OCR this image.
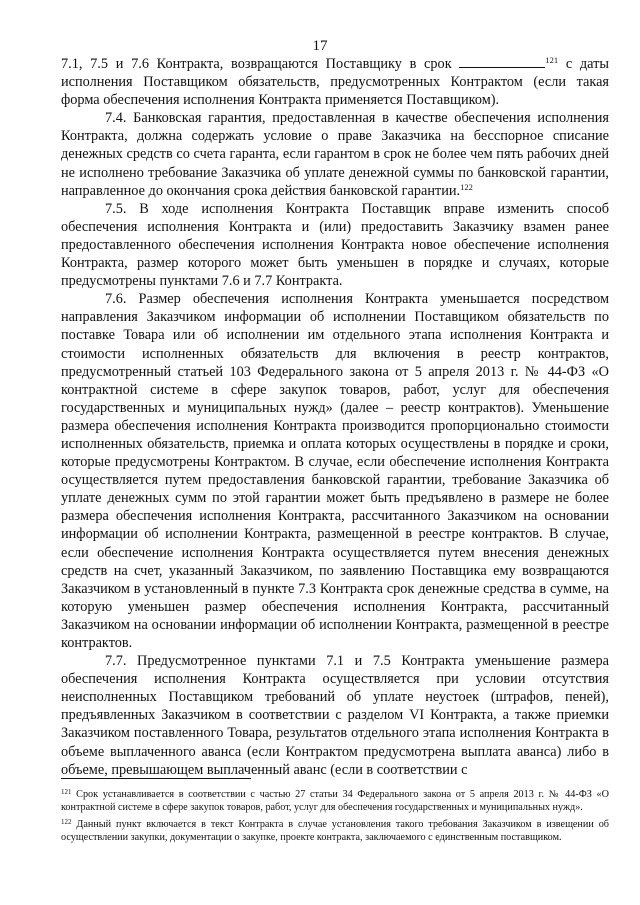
17

7.1, 7.5 и 7.6 Контракта, возвращаются Поставщику в срок	$^{121}$ с даты исполнения Поставщиком обязательств, предусмотренных Контрактом (если такая форма обеспечения исполнения Контракта применяется Поставщиком).

7.4. Банковская гарантия, предоставленная в качестве обеспечения исполнения Контракта, должна содержать условие о праве Заказчика на бесспорное списание денежных средств со счета гаранта, если гарантом в срок не более чем пять рабочих дней не исполнено требование Заказчика об уплате денежной суммы по банковской гарантии, направленное до окончания срока действия банковской гарантии.$^{122}$

7.5. В ходе исполнения Контракта Поставщик вправе изменить способ обеспечения исполнения Контракта и (или) предоставить Заказчику взамен ранее предоставленного обеспечения исполнения Контракта новое обеспечение исполнения Контракта, размер которого может быть уменьшен в порядке и случаях, которые предусмотрены пунктами 7.6 и 7.7 Контракта.

7.6. Размер обеспечения исполнения Контракта уменьшается посредством направления Заказчиком информации об исполнении Поставщиком обязательств по поставке Товара или об исполнении им отдельного этапа исполнения Контракта и стоимости исполненных обязательств для включения в реестр контрактов, предусмотренный статьей 103 Федерального закона от 5 апреля 2013 г. № 44-ФЗ «О контрактной системе в сфере закупок товаров, работ, услуг для обеспечения государственных и муниципальных нужд» (далее – реестр контрактов). Уменьшение размера обеспечения исполнения Контракта производится пропорционально стоимости исполненных обязательств, приемка и оплата которых осуществлены в порядке и сроки, которые предусмотрены Контрактом. В случае, если обеспечение исполнения Контракта осуществляется путем предоставления банковской гарантии, требование Заказчика об уплате денежных сумм по этой гарантии может быть предъявлено в размере не более размера обеспечения исполнения Контракта, рассчитанного Заказчиком на основании информации об исполнении Контракта, размещенной в реестре контрактов. В случае, если обеспечение исполнения Контракта осуществляется путем внесения денежных средств на счет, указанный Заказчиком, по заявлению Поставщика ему возвращаются Заказчиком в установленный в пункте 7.3 Контракта срок денежные средства в сумме, на которую уменьшен размер обеспечения исполнения Контракта, рассчитанный Заказчиком на основании информации об исполнении Контракта, размещенной в реестре контрактов.

7.7. Предусмотренное пунктами 7.1 и 7.5 Контракта уменьшение размера обеспечения исполнения Контракта осуществляется при условии отсутствия неисполненных Поставщиком требований об уплате неустоек (штрафов, пеней), предъявленных Заказчиком в соответствии с разделом VI Контракта, а также приемки Заказчиком поставленного Товара, результатов отдельного этапа исполнения Контракта в объеме выплаченного аванса (если Контрактом предусмотрена выплата аванса) либо в объеме, превышающем выплаченный аванс (если в соответствии с

$^{121}$ Срок устанавливается в соответствии с частью 27 статьи 34 Федерального закона от 5 апреля 2013 г. № 44-ФЗ «О контрактной системе в сфере закупок товаров, работ, услуг для обеспечения государственных и муниципальных нужд».

$^{122}$ Данный пункт включается в текст Контракта в случае установления такого требования Заказчиком в извещении об осуществлении закупки, документации о закупке, проекте контракта, заключаемого с единственным поставщиком.
